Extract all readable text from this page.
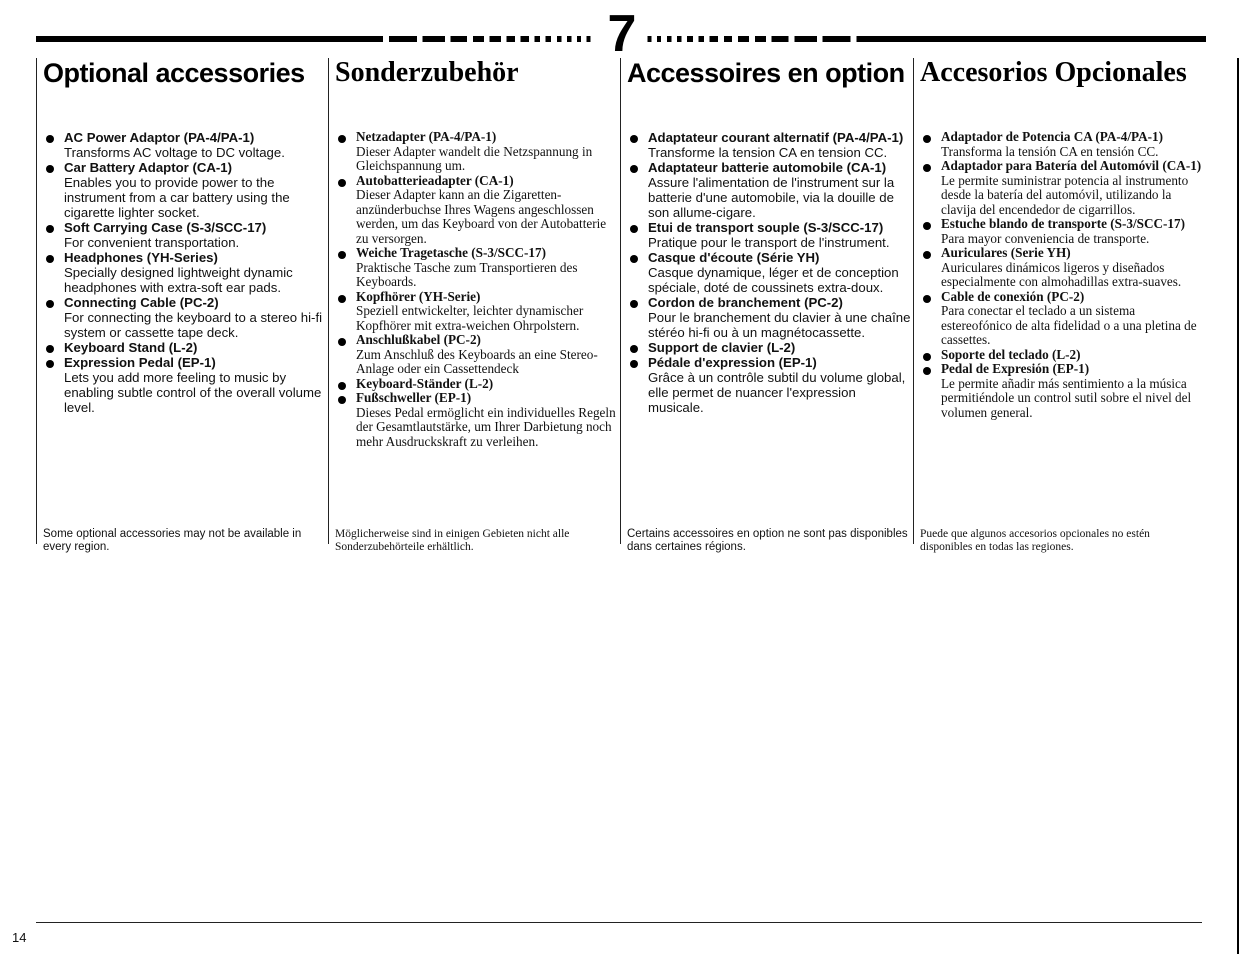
7
Optional accessories
AC Power Adaptor (PA-4/PA-1)
Transforms AC voltage to DC voltage.
Car Battery Adaptor (CA-1)
Enables you to provide power to the instrument from a car battery using the cigarette lighter socket.
Soft Carrying Case (S-3/SCC-17)
For convenient transportation.
Headphones (YH-Series)
Specially designed lightweight dynamic headphones with extra-soft ear pads.
Connecting Cable (PC-2)
For connecting the keyboard to a stereo hi-fi system or cassette tape deck.
Keyboard Stand (L-2)
Expression Pedal (EP-1)
Lets you add more feeling to music by enabling subtle control of the overall volume level.

Some optional accessories may not be available in every region.

Sonderzubehör
Netzadapter (PA-4/PA-1)
Dieser Adapter wandelt die Netzspannung in Gleichspannung um.
Autobatterieadapter (CA-1)
Dieser Adapter kann an die Zigaretten-anzünderbuchse Ihres Wagens angeschlossen werden, um das Keyboard von der Autobatterie zu versorgen.
Weiche Tragetasche (S-3/SCC-17)
Praktische Tasche zum Transportieren des Keyboards.
Kopfhörer (YH-Serie)
Speziell entwickelter, leichter dynamischer Kopfhörer mit extra-weichen Ohrpolstern.
Anschlußkabel (PC-2)
Zum Anschluß des Keyboards an eine Stereo-Anlage oder ein Cassettendeck
Keyboard-Ständer (L-2)
Fußschweller (EP-1)
Dieses Pedal ermöglicht ein individuelles Regeln der Gesamtlautstärke, um Ihrer Darbietung noch mehr Ausdruckskraft zu verleihen.

Möglicherweise sind in einigen Gebieten nicht alle Sonderzubehörteile erhältlich.

Accessoires en option
Adaptateur courant alternatif (PA-4/PA-1)
Transforme la tension CA en tension CC.
Adaptateur batterie automobile (CA-1)
Assure l'alimentation de l'instrument sur la batterie d'une automobile, via la douille de son allume-cigare.
Etui de transport souple (S-3/SCC-17)
Pratique pour le transport de l'instrument.
Casque d'écoute (Série YH)
Casque dynamique, léger et de conception spéciale, doté de coussinets extra-doux.
Cordon de branchement (PC-2)
Pour le branchement du clavier à une chaîne stéréo hi-fi ou à un magnétocassette.
Support de clavier (L-2)
Pédale d'expression (EP-1)
Grâce à un contrôle subtil du volume global, elle permet de nuancer l'expression musicale.

Certains accessoires en option ne sont pas disponibles dans certaines régions.

Accesorios Opcionales
Adaptador de Potencia CA (PA-4/PA-1)
Transforma la tensión CA en tensión CC.
Adaptador para Batería del Automóvil (CA-1)
Le permite suministrar potencia al instrumento desde la batería del automóvil, utilizando la clavija del encendedor de cigarrillos.
Estuche blando de transporte (S-3/SCC-17)
Para mayor conveniencia de transporte.
Auriculares (Serie YH)
Auriculares dinámicos ligeros y diseñados especialmente con almohadillas extra-suaves.
Cable de conexión (PC-2)
Para conectar el teclado a un sistema estereofónico de alta fidelidad o a una pletina de cassettes.
Soporte del teclado (L-2)
Pedal de Expresión (EP-1)
Le permite añadir más sentimiento a la música permitiéndole un control sutil sobre el nivel del volumen general.

Puede que algunos accesorios opcionales no estén disponibles en todas las regiones.

14
